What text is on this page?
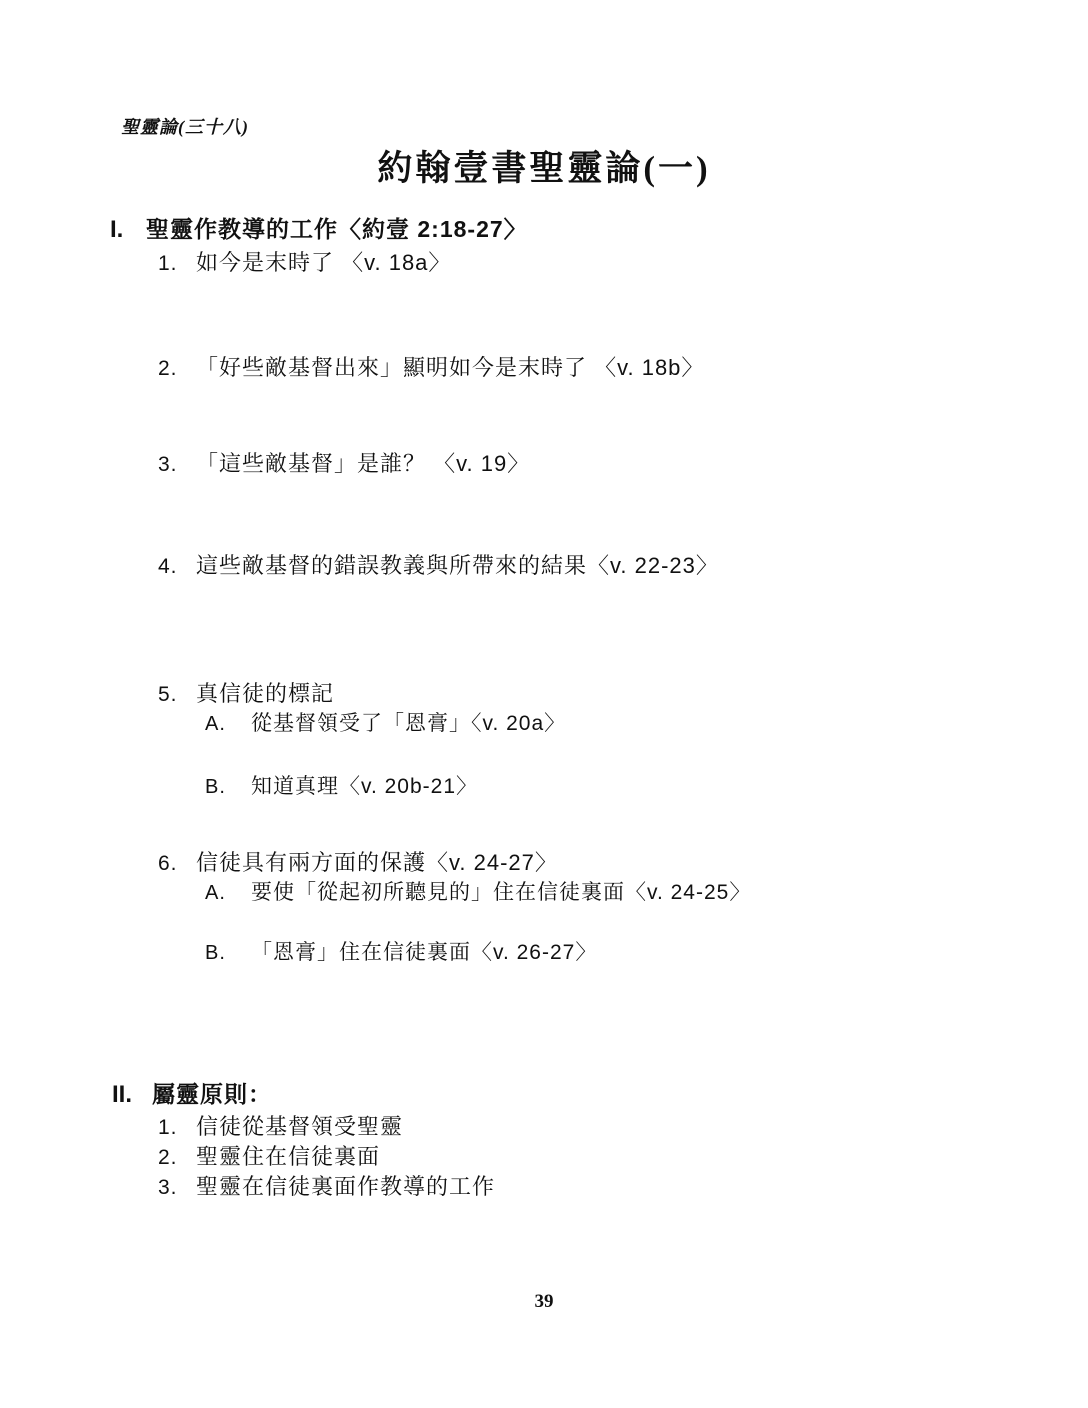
聖靈論(三十八)
約翰壹書聖靈論(一)
I. 聖靈作教導的工作〈約壹 2:18-27〉
1. 如今是末時了 〈v. 18a〉
2. 「好些敵基督出來」顯明如今是末時了 〈v. 18b〉
3. 「這些敵基督」是誰？ 〈v. 19〉
4. 這些敵基督的錯誤教義與所帶來的結果〈v. 22-23〉
5. 真信徒的標記
A. 從基督領受了「恩膏」〈v. 20a〉
B. 知道真理〈v. 20b-21〉
6. 信徒具有兩方面的保護〈v. 24-27〉
A. 要使「從起初所聽見的」住在信徒裏面〈v. 24-25〉
B. 「恩膏」住在信徒裏面〈v. 26-27〉
II. 屬靈原則：
1. 信徒從基督領受聖靈
2. 聖靈住在信徒裏面
3. 聖靈在信徒裏面作教導的工作
39
